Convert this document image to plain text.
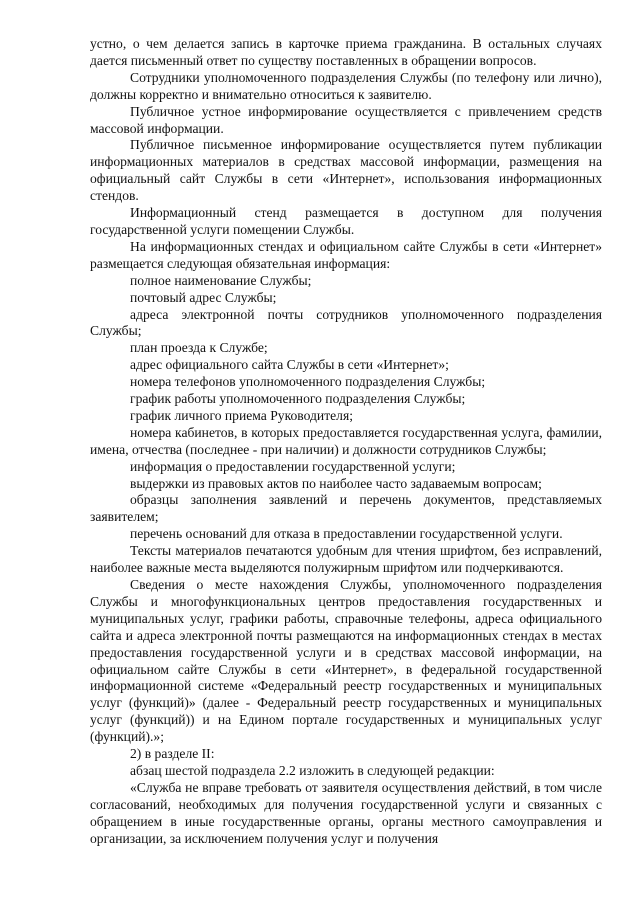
устно, о чем делается запись в карточке приема гражданина. В остальных случаях дается письменный ответ по существу поставленных в обращении вопросов.

Сотрудники уполномоченного подразделения Службы (по телефону или лично), должны корректно и внимательно относиться к заявителю.

Публичное устное информирование осуществляется с привлечением средств массовой информации.

Публичное письменное информирование осуществляется путем публикации информационных материалов в средствах массовой информации, размещения на официальный сайт Службы в сети «Интернет», использования информационных стендов.

Информационный стенд размещается в доступном для получения государственной услуги помещении Службы.

На информационных стендах и официальном сайте Службы в сети «Интернет» размещается следующая обязательная информация:

полное наименование Службы;

почтовый адрес Службы;

адреса электронной почты сотрудников уполномоченного подразделения Службы;

план проезда к Службе;

адрес официального сайта Службы в сети «Интернет»;

номера телефонов уполномоченного подразделения Службы;

график работы уполномоченного подразделения Службы;

график личного приема Руководителя;

номера кабинетов, в которых предоставляется государственная услуга, фамилии, имена, отчества (последнее - при наличии) и должности сотрудников Службы;

информация о предоставлении государственной услуги;

выдержки из правовых актов по наиболее часто задаваемым вопросам;

образцы заполнения заявлений и перечень документов, представляемых заявителем;

перечень оснований для отказа в предоставлении государственной услуги.

Тексты материалов печатаются удобным для чтения шрифтом, без исправлений, наиболее важные места выделяются полужирным шрифтом или подчеркиваются.

Сведения о месте нахождения Службы, уполномоченного подразделения Службы и многофункциональных центров предоставления государственных и муниципальных услуг, графики работы, справочные телефоны, адреса официального сайта и адреса электронной почты размещаются на информационных стендах в местах предоставления государственной услуги и в средствах массовой информации, на официальном сайте Службы в сети «Интернет», в федеральной государственной информационной системе «Федеральный реестр государственных и муниципальных услуг (функций)» (далее - Федеральный реестр государственных и муниципальных услуг (функций)) и на Едином портале государственных и муниципальных услуг (функций).»;

2) в разделе II:

абзац шестой подраздела 2.2 изложить в следующей редакции:

«Служба не вправе требовать от заявителя осуществления действий, в том числе согласований, необходимых для получения государственной услуги и связанных с обращением в иные государственные органы, органы местного самоуправления и организации, за исключением получения услуг и получения
